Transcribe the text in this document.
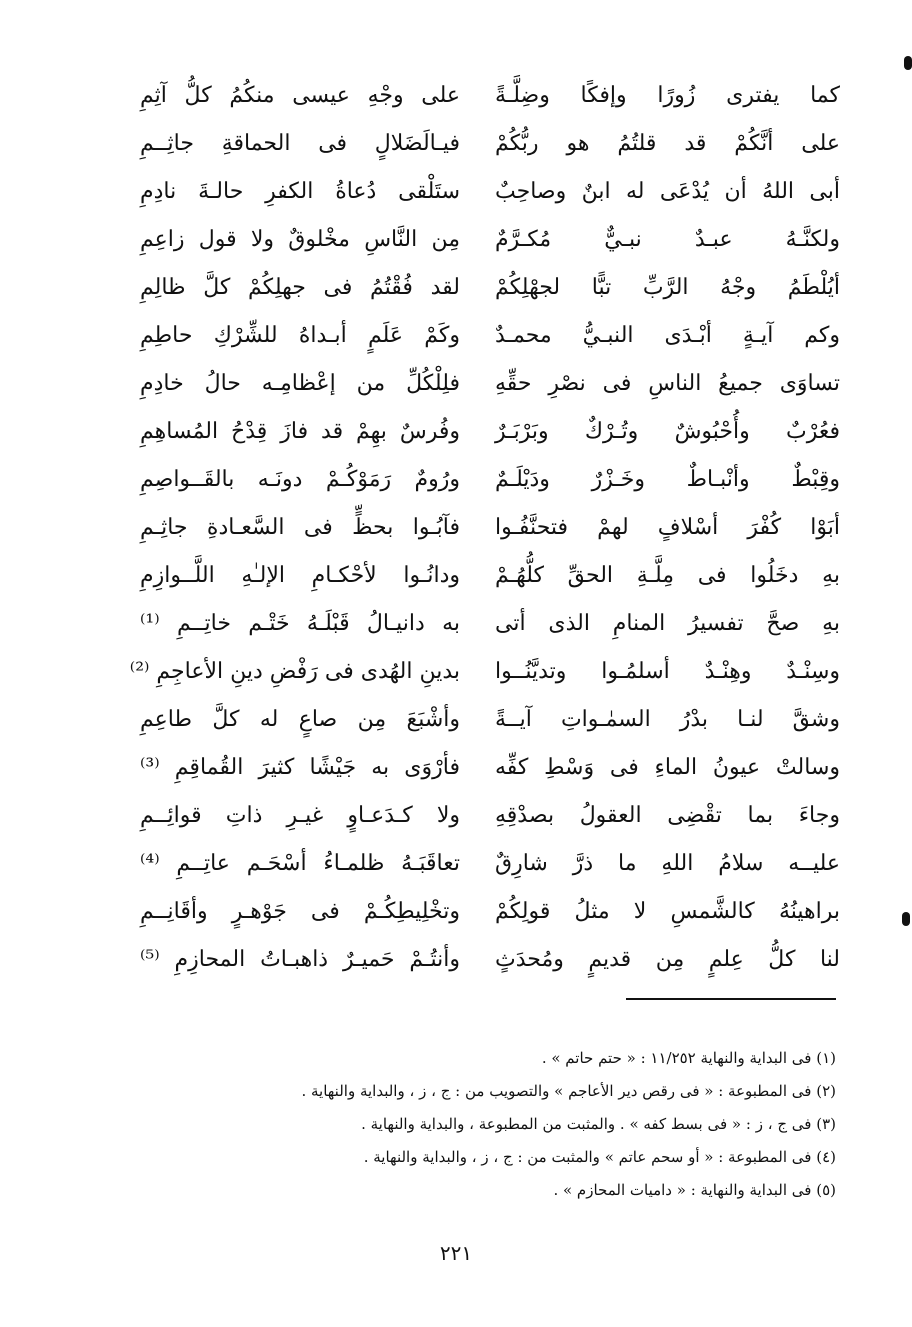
كما يفترى زُورًا وإفكًا وضِلَّـةً
على وجْهِ عيسى منكُمُ كلُّ آثِمِ
على أنَّكُمْ قد قلتُمُ هو ربُّكُمْ
فيـالَضَلالٍ فى الحماقةِ جاثِــمِ
أبى اللهُ أن يُدْعَى له ابنٌ وصاحِبٌ
ستَلْقى دُعاةُ الكفرِ حالـةَ نادِمِ
ولكنَّـهُ عبـدٌ نبـيٌّ مُكـرَّمٌ
مِن النَّاسِ مخْلوقٌ ولا قول زاعِمِ
أيُلْطَمُ وجْهُ الرَّبِّ تبًّا لجهْلِكُمْ
لقد فُقْتُمُ فى جهلِكُمْ كلَّ ظالِمِ
وكم آيـةٍ أبْـدَى النبـيُّ محمـدٌ
وكَمْ عَلَمٍ أبـداهُ للشِّرْكِ حاطِمِ
تساوَى جميعُ الناسِ فى نصْرِ حقِّهِ
فلِلْكُلِّ من إعْظامِـه حالُ خادِمِ
فعُرْبٌ وأُحْبُوشٌ وتُـرْكٌ وبَرْبَـرٌ
وفُرسٌ بهِمْ قد فازَ قِدْحُ المُساهِمِ
وقِبْطٌ وأنْبـاطٌ وخَـزْرٌ ودَيْلَـمٌ
ورُومٌ رَمَوْكُـمْ دونَـه بالقَــواصِمِ
أبَوْا كُفْرَ أسْلافٍ لهمْ فتحنَّفُـوا
فآبُـوا بحظٍّ فى السَّعـادةِ جاثِـمِ
بهِ دخَلُوا فى مِلَّـةِ الحقِّ كلُّهُـمْ
ودانُـوا لأحْكـامِ الإلـٰهِ اللَّــوازِمِ
بهِ صحَّ تفسيرُ المنامِ الذى أتى
به دانيـالُ قَبْلَـهُ خَتْـم خاتِــمِ ⁽¹⁾
وسِنْـدٌ وهِنْـدٌ أسلمُـوا وتديَّنُــوا
بدينِ الهُدى فى رَفْضِ دينِ الأعاجِمِ ⁽²⁾
وشقَّ لنـا بدْرُ السمٰـواتِ آيــةً
وأشْبَعَ مِن صاعٍ له كلَّ طاعِمِ
وسالتْ عيونُ الماءِ فى وَسْطِ كفِّه
فأرْوَى به جَيْشًا كثيرَ القُماقِمِ ⁽³⁾
وجاءَ بما تقْضِى العقولُ بصدْقِهِ
ولا كـدَعـاوٍ غيـرِ ذاتِ قوائِــمِ
عليــه سلامُ اللهِ ما ذرَّ شارِقٌ
تعاقَبَـهُ ظلمـاءُ أسْحَـم عاتِــمِ ⁽⁴⁾
براهينُهُ كالشَّمسِ لا مثلُ قولِكُمْ
وتخْلِيطِكُـمْ فى جَوْهـرٍ وأقَانِــمِ
لنا كلُّ عِلمٍ مِن قديمٍ ومُحدَثٍ
وأنتُـمْ حَميـرٌ ذاهبـاتُ المحازِمِ ⁽⁵⁾
(١) فى البداية والنهاية ١١/٢٥٢ : « حتم حاتم » .
(٢) فى المطبوعة : « فى رقص دير الأعاجم » والتصويب من : ج ، ز ، والبداية والنهاية .
(٣) فى ج ، ز : « فى بسط كفه » . والمثبت من المطبوعة ، والبداية والنهاية .
(٤) فى المطبوعة : « أو سحم عاتم » والمثبت من : ج ، ز ، والبداية والنهاية .
(٥) فى البداية والنهاية : « داميات المحازم » .
٢٢١
